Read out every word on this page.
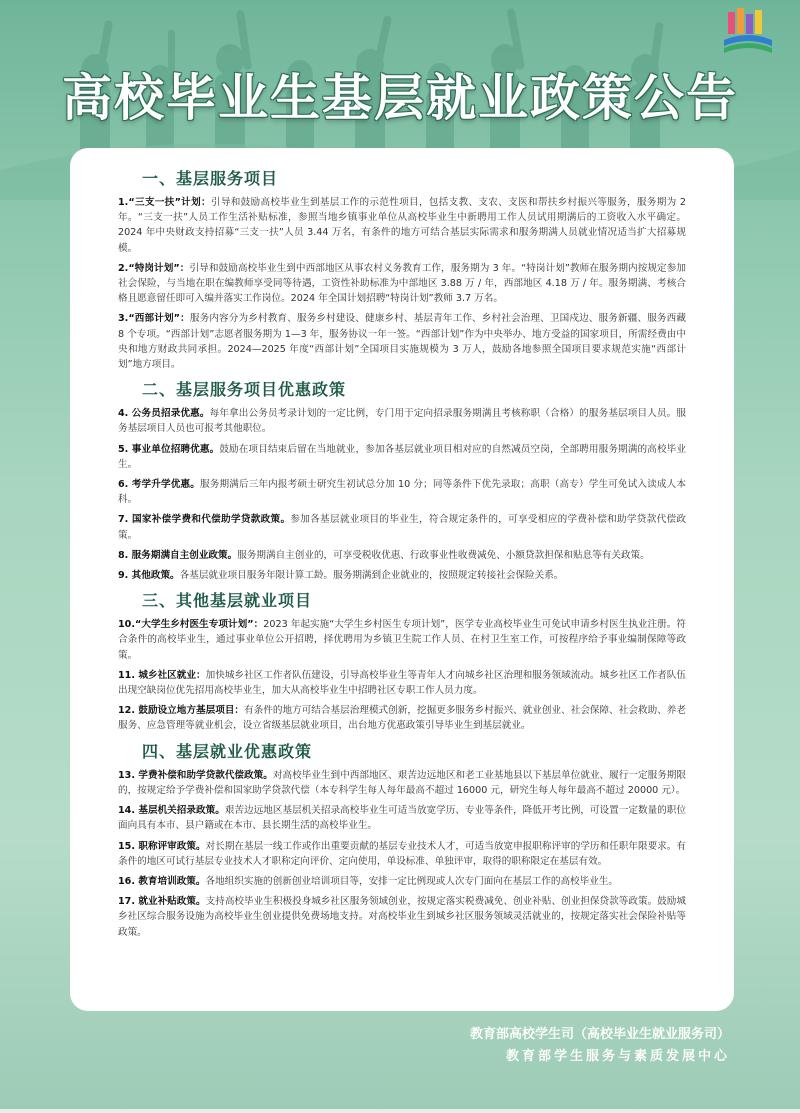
高校毕业生基层就业政策公告
一、基层服务项目
1.“三支一扶”计划：引导和鼓励高校毕业生到基层工作的示范性项目，包括支教、支农、支医和帮扶乡村振兴等服务，服务期为 2 年。“三支一扶”人员工作生活补贴标准，参照当地乡镇事业单位从高校毕业生中新聘用工作人员试用期满后的工资收入水平确定。2024 年中央财政支持招募“三支一扶”人员 3.44 万名，有条件的地方可结合基层实际需求和服务期满人员就业情况适当扩大招募规模。
2.“特岗计划”：引导和鼓励高校毕业生到中西部地区从事农村义务教育工作，服务期为 3 年。“特岗计划”教师在服务期内按规定参加社会保险，与当地在职在编教师享受同等待遇，工资性补助标准为中部地区 3.88 万 / 年，西部地区 4.18 万 / 年。服务期满、考核合格且愿意留任即可入编并落实工作岗位。2024 年全国计划招聘“特岗计划”教师 3.7 万名。
3.“西部计划”：服务内容分为乡村教育、服务乡村建设、健康乡村、基层青年工作、乡村社会治理、卫国戍边、服务新疆、服务西藏 8 个专项。“西部计划”志愿者服务期为 1—3 年，服务协议一年一签。“西部计划”作为中央举办、地方受益的国家项目，所需经费由中央和地方财政共同承担。2024—2025 年度“西部计划”全国项目实施规模为 3 万人，鼓励各地参照全国项目要求规范实施“西部计划”地方项目。
二、基层服务项目优惠政策
4. 公务员招录优惠。每年拿出公务员考录计划的一定比例，专门用于定向招录服务期满且考核称职（合格）的服务基层项目人员。服务基层项目人员也可报考其他职位。
5. 事业单位招聘优惠。鼓励在项目结束后留在当地就业，参加各基层就业项目相对应的自然减员空岗，全部聘用服务期满的高校毕业生。
6. 考学升学优惠。服务期满后三年内报考硕士研究生初试总分加 10 分；同等条件下优先录取；高职（高专）学生可免试入读成人本科。
7. 国家补偿学费和代偿助学贷款政策。参加各基层就业项目的毕业生，符合规定条件的，可享受相应的学费补偿和助学贷款代偿政策。
8. 服务期满自主创业政策。服务期满自主创业的，可享受税收优惠、行政事业性收费减免、小额贷款担保和贴息等有关政策。
9. 其他政策。各基层就业项目服务年限计算工龄。服务期满到企业就业的，按照规定转接社会保险关系。
三、其他基层就业项目
10.“大学生乡村医生专项计划”：2023 年起实施“大学生乡村医生专项计划”，医学专业高校毕业生可免试申请乡村医生执业注册。符合条件的高校毕业生，通过事业单位公开招聘，择优聘用为乡镇卫生院工作人员、在村卫生室工作，可按程序给予事业编制保障等政策。
11. 城乡社区就业：加快城乡社区工作者队伍建设，引导高校毕业生等青年人才向城乡社区治理和服务领域流动。城乡社区工作者队伍出现空缺岗位优先招用高校毕业生，加大从高校毕业生中招聘社区专职工作人员力度。
12. 鼓励设立地方基层项目：有条件的地方可结合基层治理模式创新，挖掘更多服务乡村振兴、就业创业、社会保障、社会救助、养老服务、应急管理等就业机会，设立省级基层就业项目，出台地方优惠政策引导毕业生到基层就业。
四、基层就业优惠政策
13. 学费补偿和助学贷款代偿政策。对高校毕业生到中西部地区、艰苦边远地区和老工业基地县以下基层单位就业、履行一定服务期限的，按规定给予学费补偿和国家助学贷款代偿（本专科学生每人每年最高不超过 16000 元，研究生每人每年最高不超过 20000 元）。
14. 基层机关招录政策。艰苦边远地区基层机关招录高校毕业生可适当放宽学历、专业等条件，降低开考比例，可设置一定数量的职位面向具有本市、县户籍或在本市、县长期生活的高校毕业生。
15. 职称评审政策。对长期在基层一线工作或作出重要贡献的基层专业技术人才，可适当放宽申报职称评审的学历和任职年限要求。有条件的地区可试行基层专业技术人才职称定向评价、定向使用，单设标准、单独评审，取得的职称限定在基层有效。
16. 教育培训政策。各地组织实施的创新创业培训项目等，安排一定比例现或人次专门面向在基层工作的高校毕业生。
17. 就业补贴政策。支持高校毕业生积极投身城乡社区服务领域创业，按规定落实税费减免、创业补贴、创业担保贷款等政策。鼓励城乡社区综合服务设施为高校毕业生创业提供免费场地支持。对高校毕业生到城乡社区服务领域灵活就业的，按规定落实社会保险补贴等政策。
教育部高校学生司（高校毕业生就业服务司）
教育部学生服务与素质发展中心
